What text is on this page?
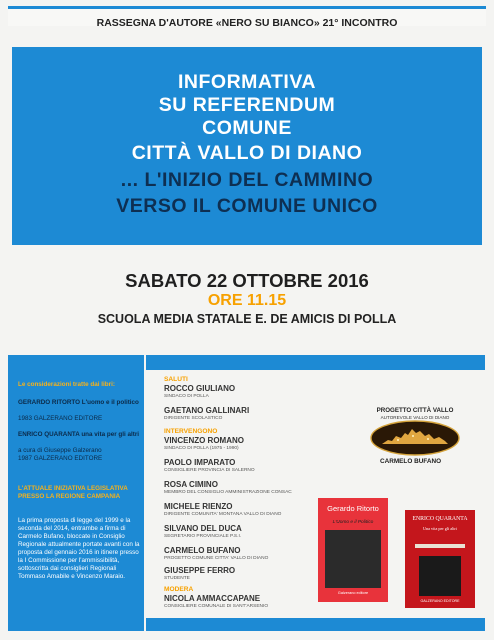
RASSEGNA D'AUTORE «NERO SU BIANCO» 21° INCONTRO
INFORMATIVA
SU REFERENDUM
COMUNE
CITTÀ VALLO DI DIANO
... L'INIZIO DEL CAMMINO
VERSO IL COMUNE UNICO
SABATO 22 OTTOBRE 2016
ORE 11.15
SCUOLA MEDIA STATALE E. DE AMICIS DI POLLA
Le considerazioni tratte dai libri:
GERARDO RITORTO L'uomo e il politico
1983 GALZERANO EDITORE
ENRICO QUARANTA una vita per gli altri
a cura di Giuseppe Galzerano
1987 GALZERANO EDITORE
L'ATTUALE INIZIATIVA LEGISLATIVA PRESSO LA REGIONE CAMPANIA
La prima proposta di legge del 1999 e la seconda del 2014, entrambe a firma di Carmelo Bufano, bloccate in Consiglio Regionale attualmente portate avanti con la proposta del gennaio 2016 in itinere presso la I Commissione per l'ammissibilità, sottoscritta dai consiglieri Regionali Tommaso Amabile e Vincenzo Maraio.
SALUTI
ROCCO GIULIANO
SINDACO DI POLLA
GAETANO GALLINARI
DIRIGENTE SCOLASTICO
INTERVENGONO
VINCENZO ROMANO
SINDACO DI POLLA (1975 - 1990)
PAOLO IMPARATO
CONSIGLIERE PROVINCIA DI SALERNO
ROSA CIMINO
MEMBRO DEL CONSIGLIO AMMINISTRAZIONE CONSAC
MICHELE RIENZO
DIRIGENTE COMUNITA' MONTANA VALLO DI DIANO
SILVANO DEL DUCA
SEGRETARIO PROVINCIALE P.S.I.
CARMELO BUFANO
PROGETTO COMUNE CITTA' VALLO DI DIANO
GIUSEPPE FERRO
STUDENTE
MODERA
NICOLA AMMACCAPANE
CONSIGLIERE COMUNALE DI SANT'ARSENIO
PROGETTO CITTÀ VALLO
AUTOREVOLE VALLO DI DIANO
CARMELO BUFANO
Gerardo Ritorto
L'Uomo e il Politico
Galzerano editore
ENRICO QUARANTA
Una vita per gli altri
GALZERANO EDITORE
